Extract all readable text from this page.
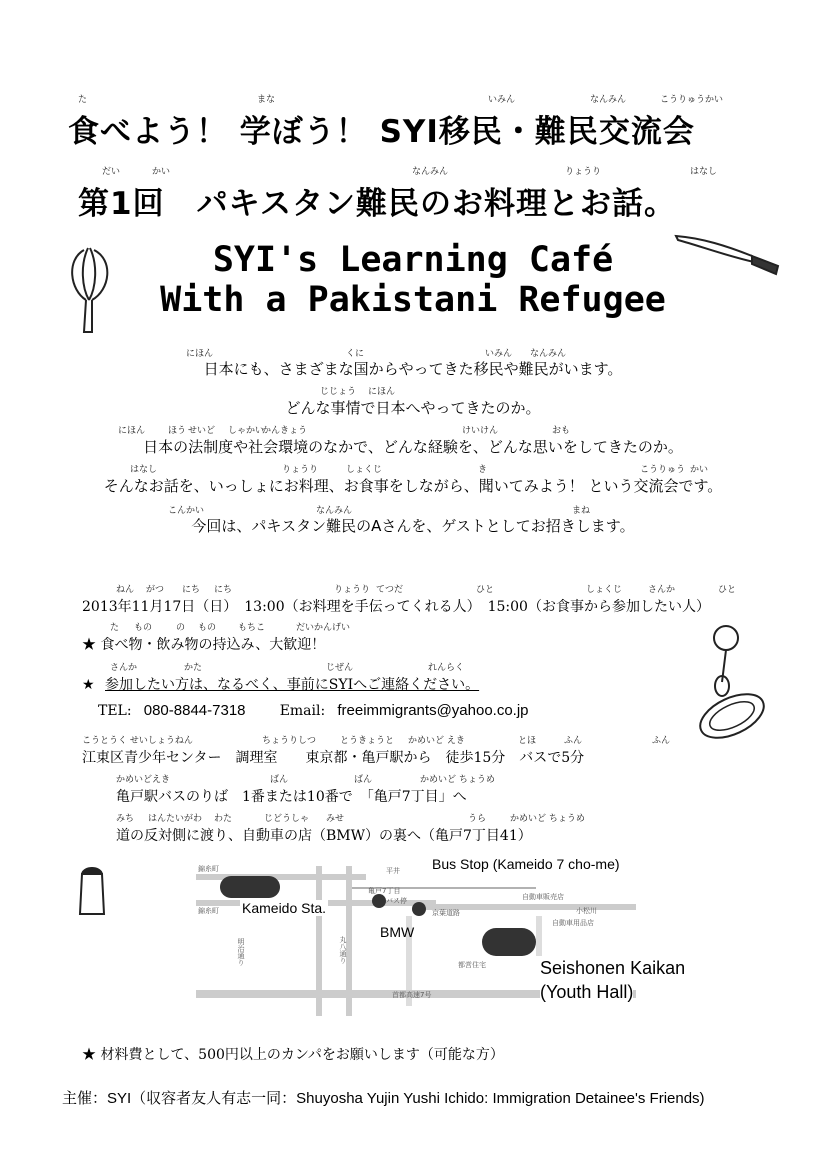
た	まな	いみん	なんみん	こうりゅうかい
食べよう！ 学ぼう！ SYI移民・難民交流会
だい	かい	なんみん	りょうり	はなし
第1回　パキスタン難民のお料理とお話。
SYI's Learning Café
With a Pakistani Refugee
にほん	くに	いみん なんみん
日本にも、さまざまな国からやってきた移民や難民がいます。
じじょう にほん
どんな事情で日本へやってきたのか。
にほん	ほう せいど しゃかい
かんきょう	けいけん	おも
日本の法制度や社会環境のなかで、どんな経験を、どんな思いをしてきたのか。
はなし	りょうり	しょくじ	き	こうりゅう かい
そんなお話を、いっしょにお料理、お食事をしながら、聞いてみよう！ という交流会です。
こんかい	なんみん	まね
今回は、パキスタン難民のAさんを、ゲストとしてお招きします。
ねん がつ にち にち	りょうり てつだ	ひと	しょくじ	さんか	ひと
2013年11月17日（日）　13:00（お料理を手伝ってくれる人）　15:00（お食事から参加したい人）
た もの	の もの もちこ	だいかんげい
★ 食べ物・飲み物の持込み、大歓迎！
さんか	かた	じぜん	れんらく
★ 参加したい方は、なるべく、事前にSYIへご連絡ください。
TEL: 080-8844-7318 Email: freeimmigrants@yahoo.co.jp
こうとうく せいしょうねん	ちょうりしつ	とうきょうと かめいど えき	とほ	ふん	ふん
江東区青少年センター　調理室　　東京都・亀戸駅から　徒歩15分　バスで5分
かめいどえき	ばん	ばん	かめいど ちょうめ
亀戸駅バスのりば　1番または10番で　「亀戸7丁目」へ
みち はんたいがわ わた	じどうしゃ みせ	うら	かめいど ちょうめ
道の反対側に渡り、自動車の店（BMW）の裏へ（亀戸7丁目41）
錦糸町
錦糸町
平井
亀戸7丁目
バス停
京葉道路
自動車販売店
小松川
自動車用品店
明治通り	丸八通り
都営住宅
首都高速7号
Bus Stop (Kameido 7 cho-me)
Kameido Sta.
BMW
Seishonen Kaikan
(Youth Hall)
★ 材料費として、500円以上のカンパをお願いします（可能な方）
主催：SYI（収容者友人有志一同：Shuyosha Yujin Yushi Ichido: Immigration Detainee's Friends)
